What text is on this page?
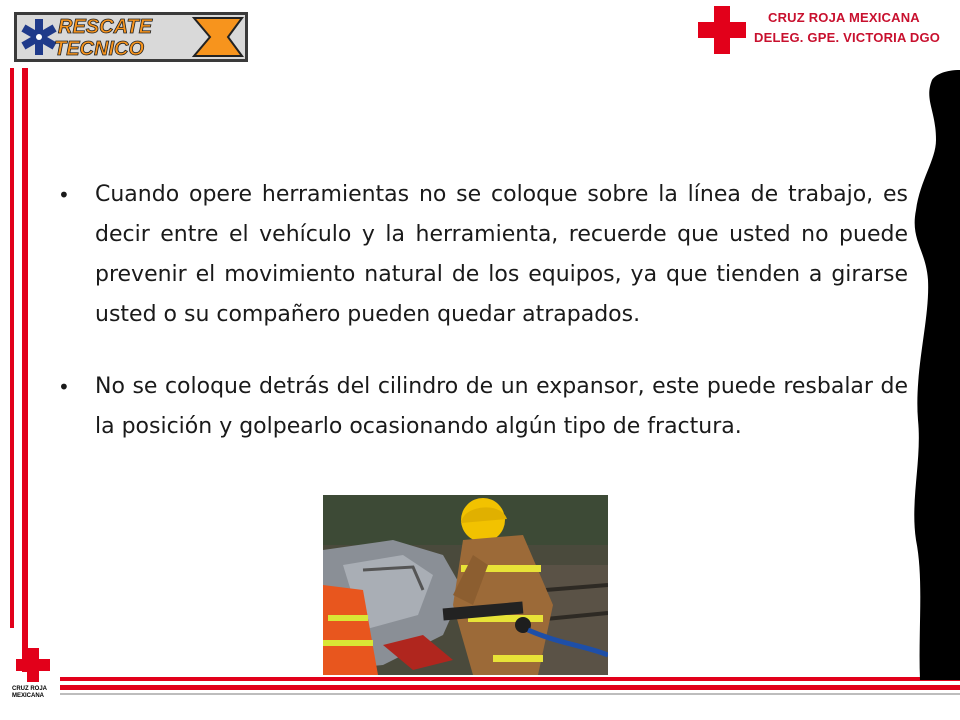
RESCATE
TECNICO
CRUZ ROJA MEXICANA
DELEG. GPE. VICTORIA DGO
CRUZ ROJA
MEXICANA
•	Cuando opere herramientas no se coloque sobre la línea de trabajo, es decir entre el vehículo y la herramienta, recuerde que usted no puede prevenir el movimiento natural de los equipos, ya que tienden a girarse usted o su compañero pueden quedar atrapados.
•	No se coloque detrás del cilindro de un expansor, este puede resbalar de la posición y golpearlo ocasionando algún tipo de fractura.
